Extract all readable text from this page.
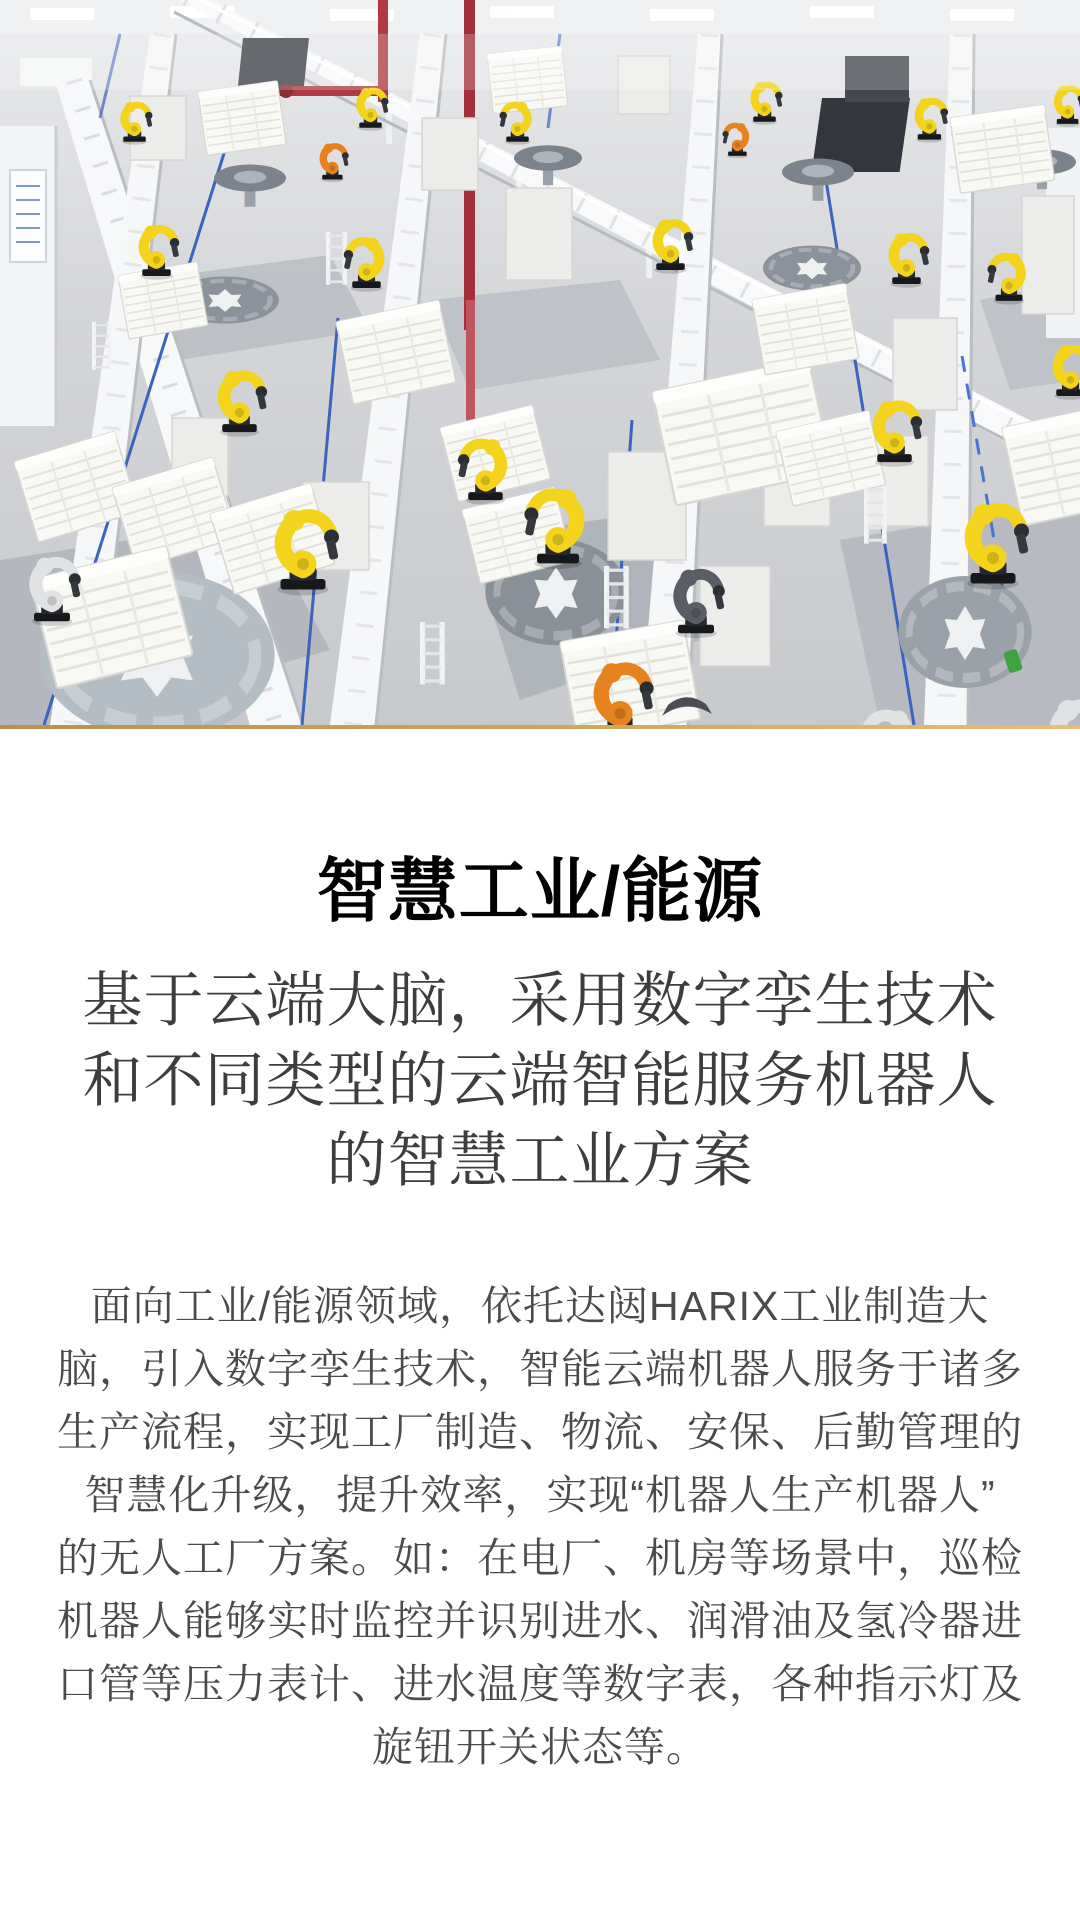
智慧工业/能源
基于云端大脑，采用数字孪生技术
和不同类型的云端智能服务机器人
的智慧工业方案
面向工业/能源领域，依托达闼HARIX工业制造大
脑，引入数字孪生技术，智能云端机器人服务于诸多
生产流程，实现工厂制造、物流、安保、后勤管理的
智慧化升级，提升效率，实现“机器人生产机器人”
的无人工厂方案。如：在电厂、机房等场景中，巡检
机器人能够实时监控并识别进水、润滑油及氢冷器进
口管等压力表计、进水温度等数字表，各种指示灯及
旋钮开关状态等。
